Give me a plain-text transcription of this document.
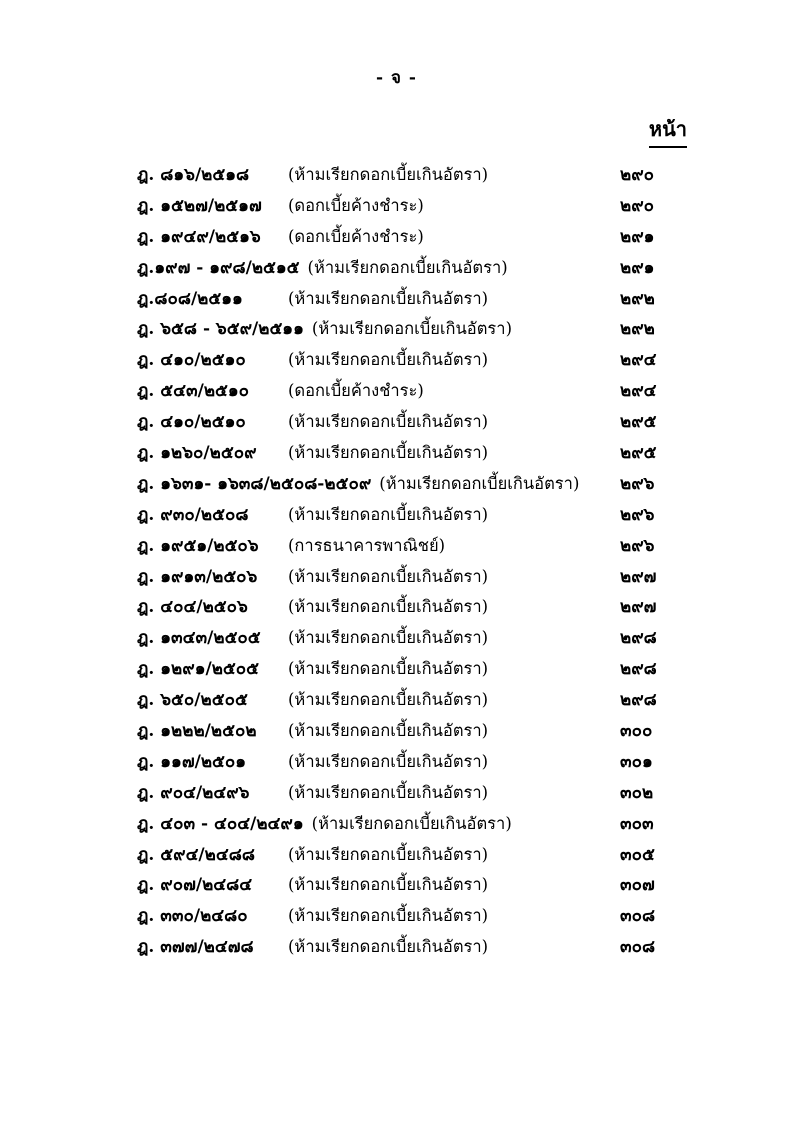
- จ -
หน้า
ฎ. ๘๑๖/๒๕๑๘	(ห้ามเรียกดอกเบี้ยเกินอัตรา)	๒๙๐
ฎ. ๑๕๒๗/๒๕๑๗	(ดอกเบี้ยค้างชำระ)	๒๙๐
ฎ. ๑๙๔๙/๒๕๑๖	(ดอกเบี้ยค้างชำระ)	๒๙๑
ฎ.๑๙๗ - ๑๙๘/๒๕๑๕ (ห้ามเรียกดอกเบี้ยเกินอัตรา)	๒๙๑
ฎ.๘๐๘/๒๕๑๑	(ห้ามเรียกดอกเบี้ยเกินอัตรา)	๒๙๒
ฎ. ๖๕๘ - ๖๕๙/๒๕๑๑ (ห้ามเรียกดอกเบี้ยเกินอัตรา)	๒๙๒
ฎ. ๔๑๐/๒๕๑๐	(ห้ามเรียกดอกเบี้ยเกินอัตรา)	๒๙๔
ฎ. ๕๔๓/๒๕๑๐	(ดอกเบี้ยค้างชำระ)	๒๙๔
ฎ. ๔๑๐/๒๕๑๐	(ห้ามเรียกดอกเบี้ยเกินอัตรา)	๒๙๕
ฎ. ๑๒๖๐/๒๕๐๙	(ห้ามเรียกดอกเบี้ยเกินอัตรา)	๒๙๕
ฎ. ๑๖๓๑- ๑๖๓๘/๒๕๐๘-๒๕๐๙ (ห้ามเรียกดอกเบี้ยเกินอัตรา)	๒๙๖
ฎ. ๙๓๐/๒๕๐๘	(ห้ามเรียกดอกเบี้ยเกินอัตรา)	๒๙๖
ฎ. ๑๙๕๑/๒๕๐๖	(การธนาคารพาณิชย์)	๒๙๖
ฎ. ๑๙๑๓/๒๕๐๖	(ห้ามเรียกดอกเบี้ยเกินอัตรา)	๒๙๗
ฎ. ๔๐๔/๒๕๐๖	(ห้ามเรียกดอกเบี้ยเกินอัตรา)	๒๙๗
ฎ. ๑๓๔๓/๒๕๐๕	(ห้ามเรียกดอกเบี้ยเกินอัตรา)	๒๙๘
ฎ. ๑๒๙๑/๒๕๐๕	(ห้ามเรียกดอกเบี้ยเกินอัตรา)	๒๙๘
ฎ. ๖๕๐/๒๕๐๕	(ห้ามเรียกดอกเบี้ยเกินอัตรา)	๒๙๘
ฎ. ๑๒๒๒/๒๕๐๒	(ห้ามเรียกดอกเบี้ยเกินอัตรา)	๓๐๐
ฎ. ๑๑๗/๒๕๐๑	(ห้ามเรียกดอกเบี้ยเกินอัตรา)	๓๐๑
ฎ. ๙๐๔/๒๔๙๖	(ห้ามเรียกดอกเบี้ยเกินอัตรา)	๓๐๒
ฎ. ๔๐๓ - ๔๐๔/๒๔๙๑ (ห้ามเรียกดอกเบี้ยเกินอัตรา)	๓๐๓
ฎ. ๕๙๔/๒๔๘๘	(ห้ามเรียกดอกเบี้ยเกินอัตรา)	๓๐๕
ฎ. ๙๐๗/๒๔๘๔	(ห้ามเรียกดอกเบี้ยเกินอัตรา)	๓๐๗
ฎ. ๓๓๐/๒๔๘๐	(ห้ามเรียกดอกเบี้ยเกินอัตรา)	๓๐๘
ฎ. ๓๗๗/๒๔๗๘	(ห้ามเรียกดอกเบี้ยเกินอัตรา)	๓๐๘
